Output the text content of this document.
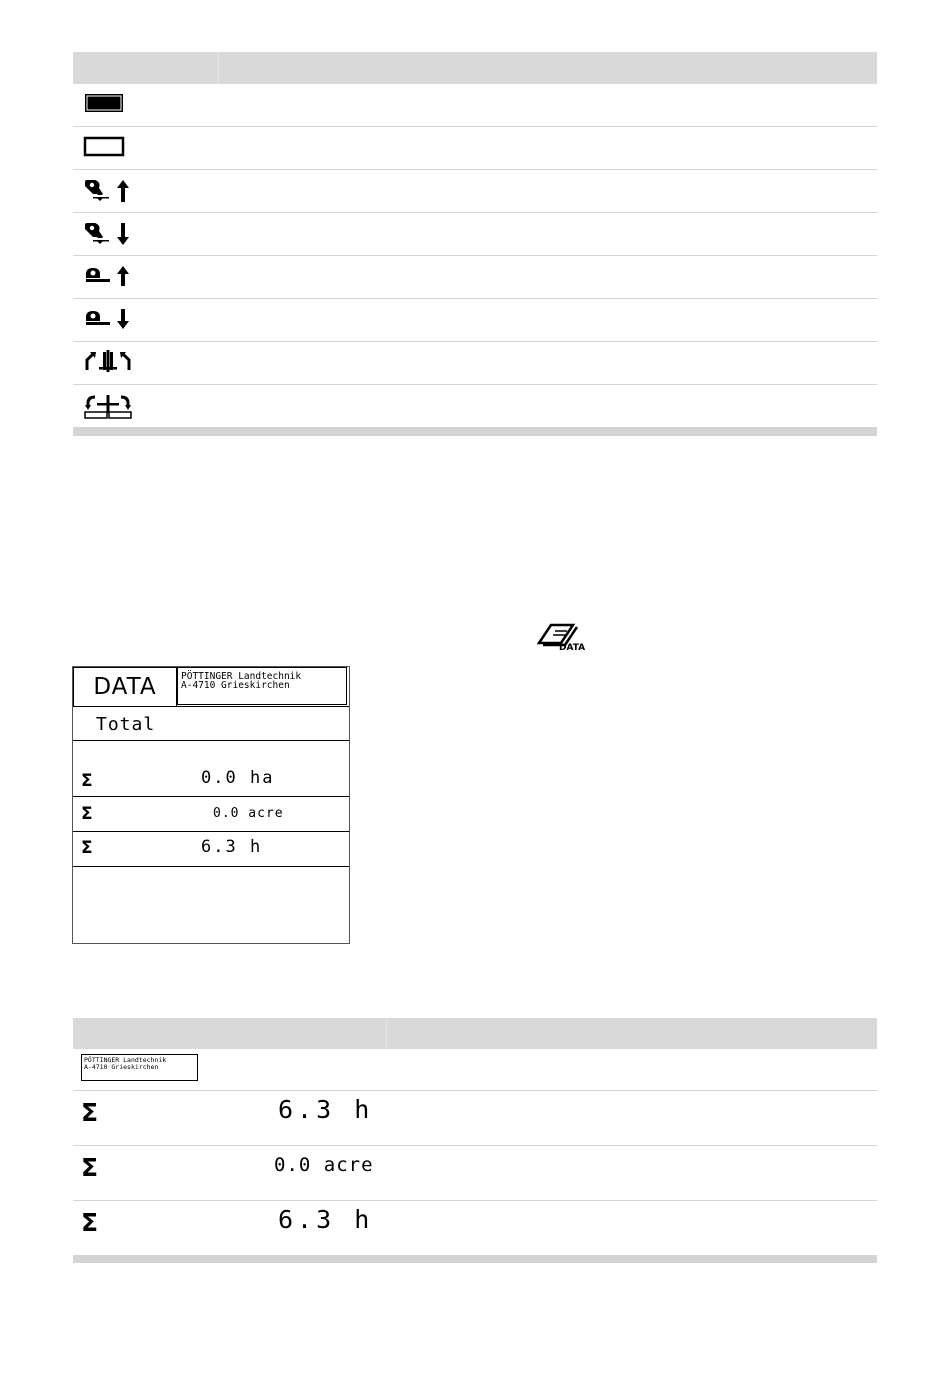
DATA
DATA	PÖTTINGER Landtechnik
A-4710 Grieskirchen
Total
Σ	0.0 ha
Σ	0.0 acre
Σ	6.3 h
PÖTTINGER Landtechnik
A-4710 Grieskirchen
Σ	6.3 h
Σ	0.0 acre
Σ	6.3 h
